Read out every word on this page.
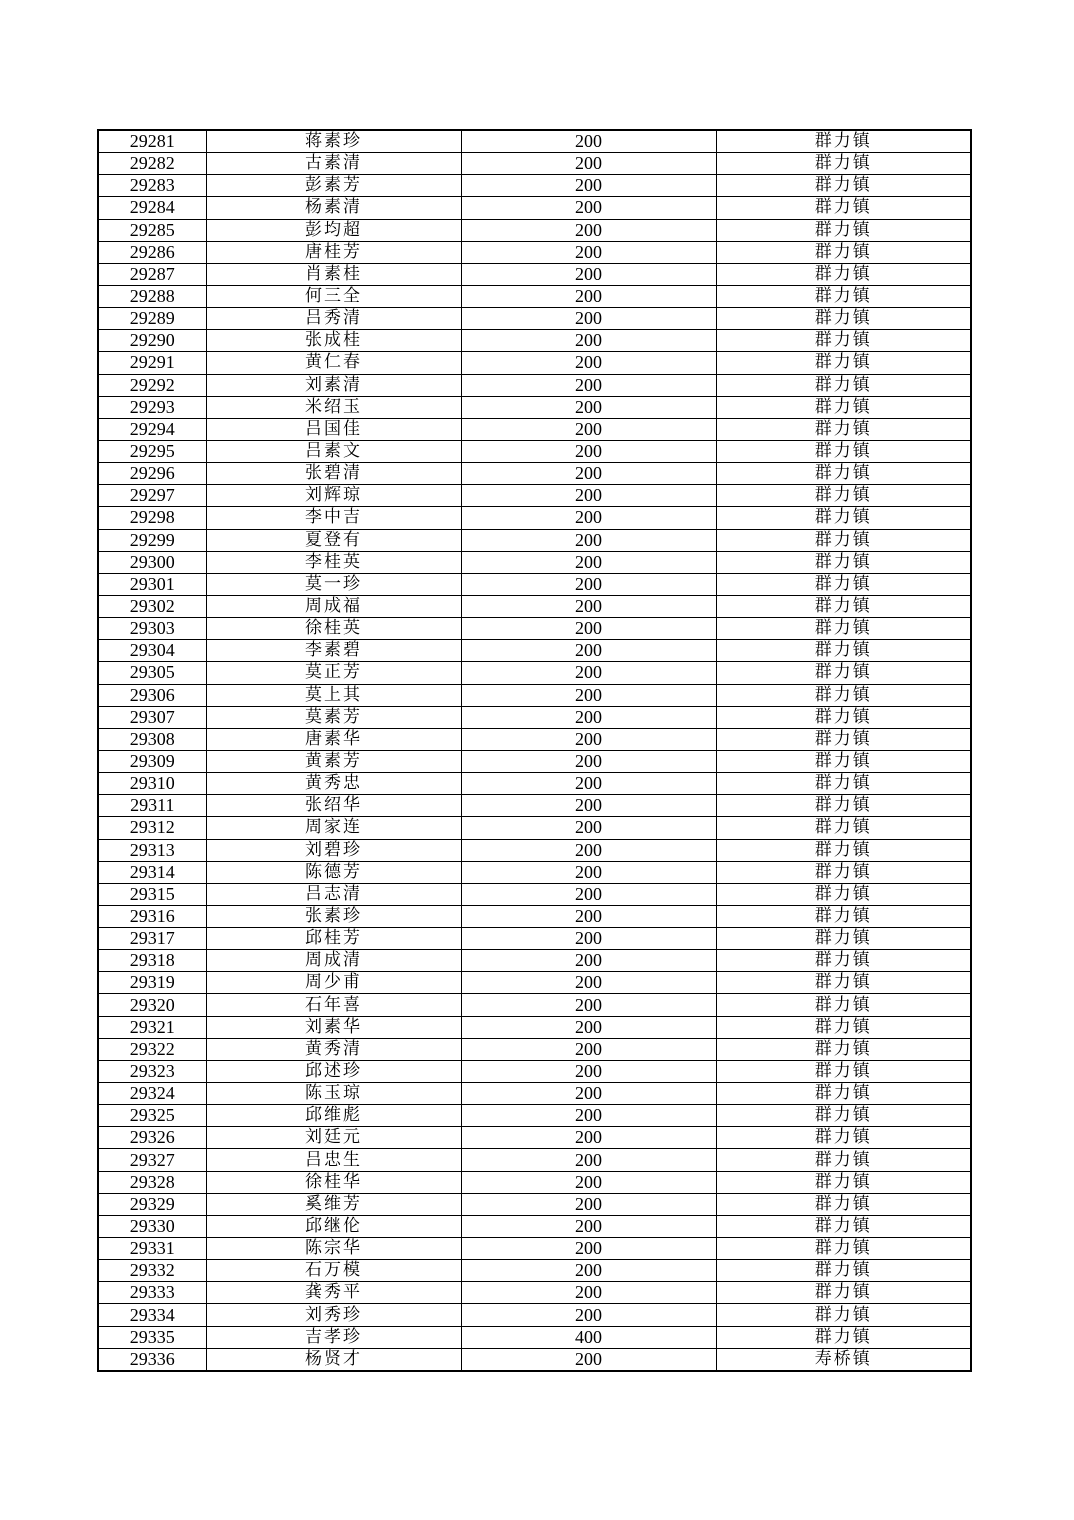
29281	蒋素珍	200	群力镇
29282	古素清	200	群力镇
29283	彭素芳	200	群力镇
29284	杨素清	200	群力镇
29285	彭均超	200	群力镇
29286	唐桂芳	200	群力镇
29287	肖素桂	200	群力镇
29288	何三全	200	群力镇
29289	吕秀清	200	群力镇
29290	张成桂	200	群力镇
29291	黄仁春	200	群力镇
29292	刘素清	200	群力镇
29293	米绍玉	200	群力镇
29294	吕国佳	200	群力镇
29295	吕素文	200	群力镇
29296	张碧清	200	群力镇
29297	刘辉琼	200	群力镇
29298	李中吉	200	群力镇
29299	夏登有	200	群力镇
29300	李桂英	200	群力镇
29301	莫一珍	200	群力镇
29302	周成福	200	群力镇
29303	徐桂英	200	群力镇
29304	李素碧	200	群力镇
29305	莫正芳	200	群力镇
29306	莫上其	200	群力镇
29307	莫素芳	200	群力镇
29308	唐素华	200	群力镇
29309	黄素芳	200	群力镇
29310	黄秀忠	200	群力镇
29311	张绍华	200	群力镇
29312	周家连	200	群力镇
29313	刘碧珍	200	群力镇
29314	陈德芳	200	群力镇
29315	吕志清	200	群力镇
29316	张素珍	200	群力镇
29317	邱桂芳	200	群力镇
29318	周成清	200	群力镇
29319	周少甫	200	群力镇
29320	石年喜	200	群力镇
29321	刘素华	200	群力镇
29322	黄秀清	200	群力镇
29323	邱述珍	200	群力镇
29324	陈玉琼	200	群力镇
29325	邱维彪	200	群力镇
29326	刘廷元	200	群力镇
29327	吕忠生	200	群力镇
29328	徐桂华	200	群力镇
29329	奚维芳	200	群力镇
29330	邱继伦	200	群力镇
29331	陈宗华	200	群力镇
29332	石万模	200	群力镇
29333	龚秀平	200	群力镇
29334	刘秀珍	200	群力镇
29335	吉孝珍	400	群力镇
29336	杨贤才	200	寿桥镇
